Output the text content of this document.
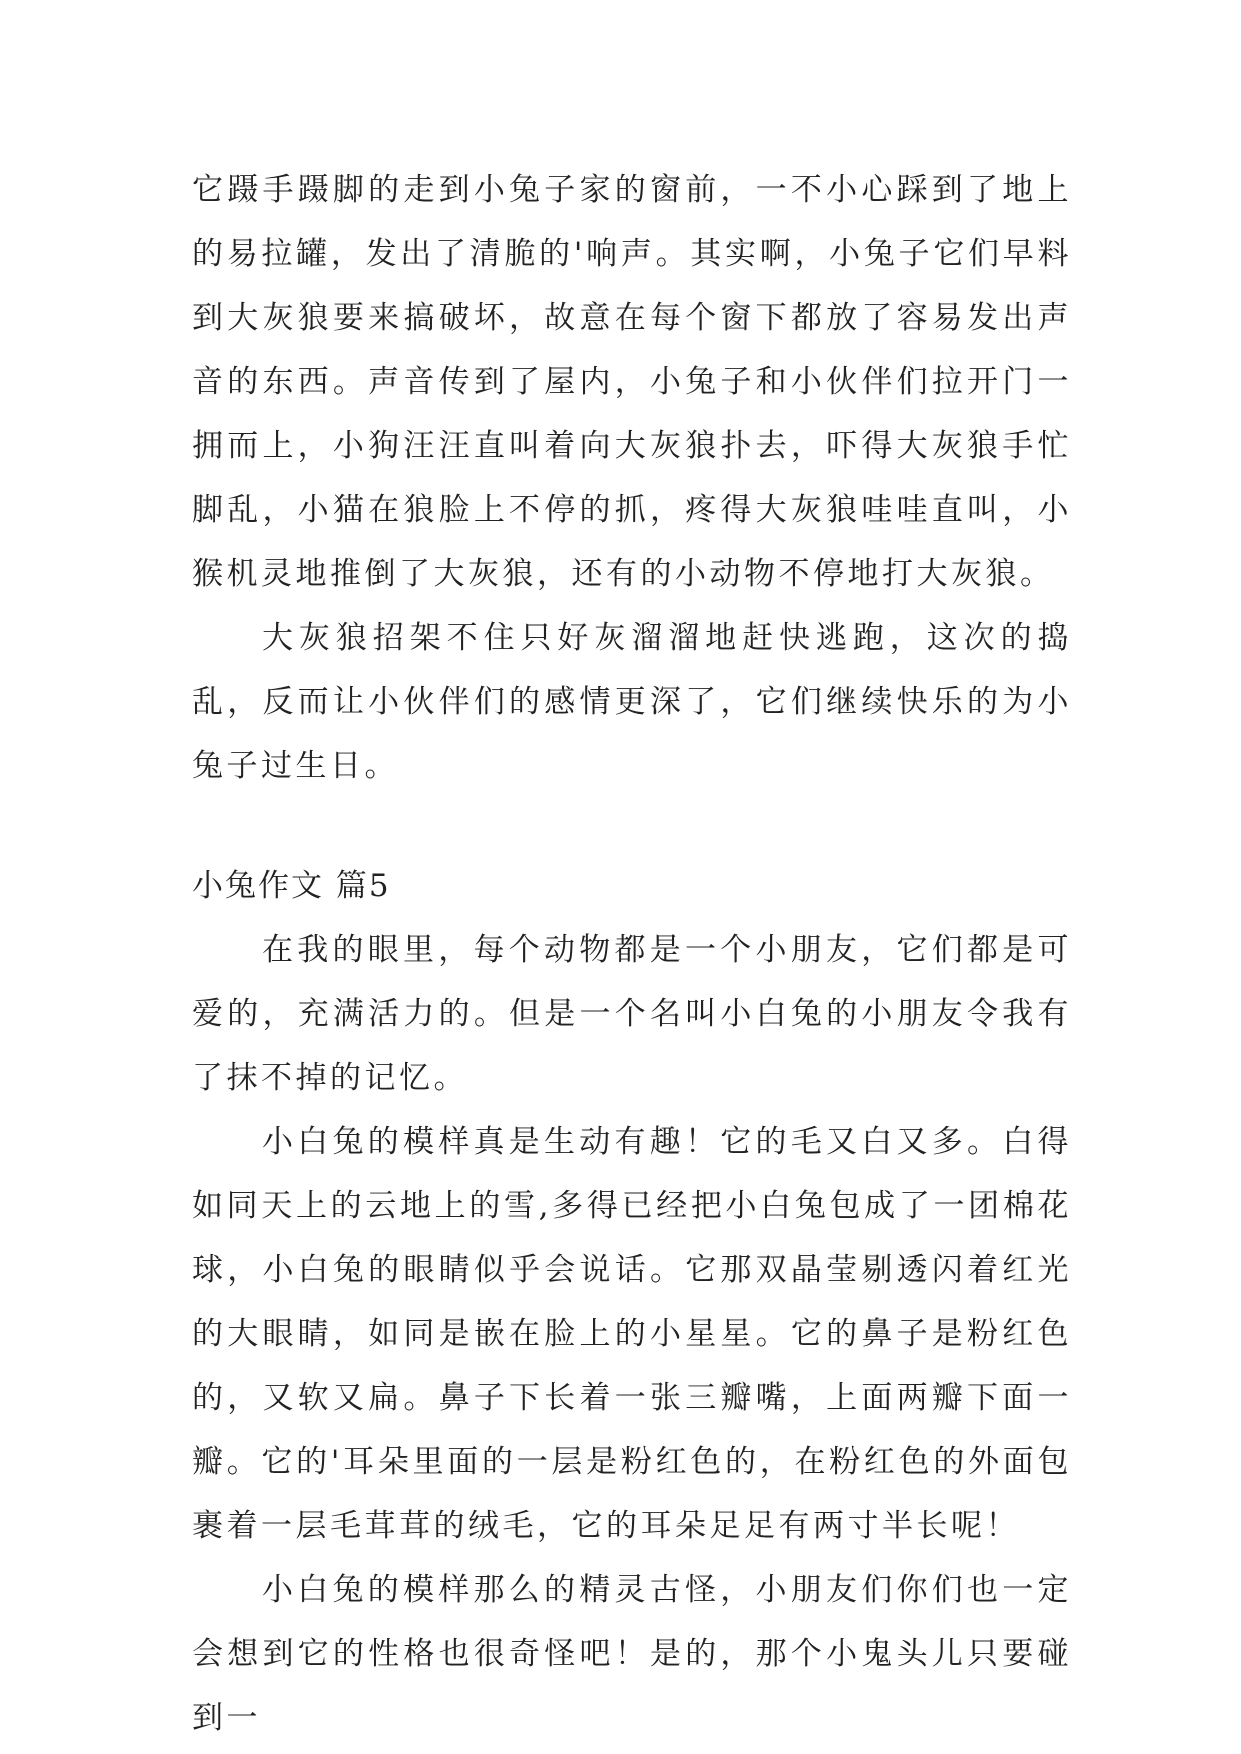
它蹑手蹑脚的走到小兔子家的窗前，一不小心踩到了地上的易拉罐，发出了清脆的'响声。其实啊，小兔子它们早料到大灰狼要来搞破坏，故意在每个窗下都放了容易发出声音的东西。声音传到了屋内，小兔子和小伙伴们拉开门一拥而上，小狗汪汪直叫着向大灰狼扑去，吓得大灰狼手忙脚乱，小猫在狼脸上不停的抓，疼得大灰狼哇哇直叫，小猴机灵地推倒了大灰狼，还有的小动物不停地打大灰狼。

大灰狼招架不住只好灰溜溜地赶快逃跑，这次的捣乱，反而让小伙伴们的感情更深了，它们继续快乐的为小兔子过生日。

小兔作文 篇5

在我的眼里，每个动物都是一个小朋友，它们都是可爱的，充满活力的。但是一个名叫小白兔的小朋友令我有了抹不掉的记忆。

小白兔的模样真是生动有趣！它的毛又白又多。白得如同天上的云地上的雪,多得已经把小白兔包成了一团棉花球，小白兔的眼睛似乎会说话。它那双晶莹剔透闪着红光的大眼睛，如同是嵌在脸上的小星星。它的鼻子是粉红色的，又软又扁。鼻子下长着一张三瓣嘴，上面两瓣下面一瓣。它的'耳朵里面的一层是粉红色的，在粉红色的外面包裹着一层毛茸茸的绒毛，它的耳朵足足有两寸半长呢！

小白兔的模样那么的精灵古怪，小朋友们你们也一定会想到它的性格也很奇怪吧！是的，那个小鬼头儿只要碰到一
